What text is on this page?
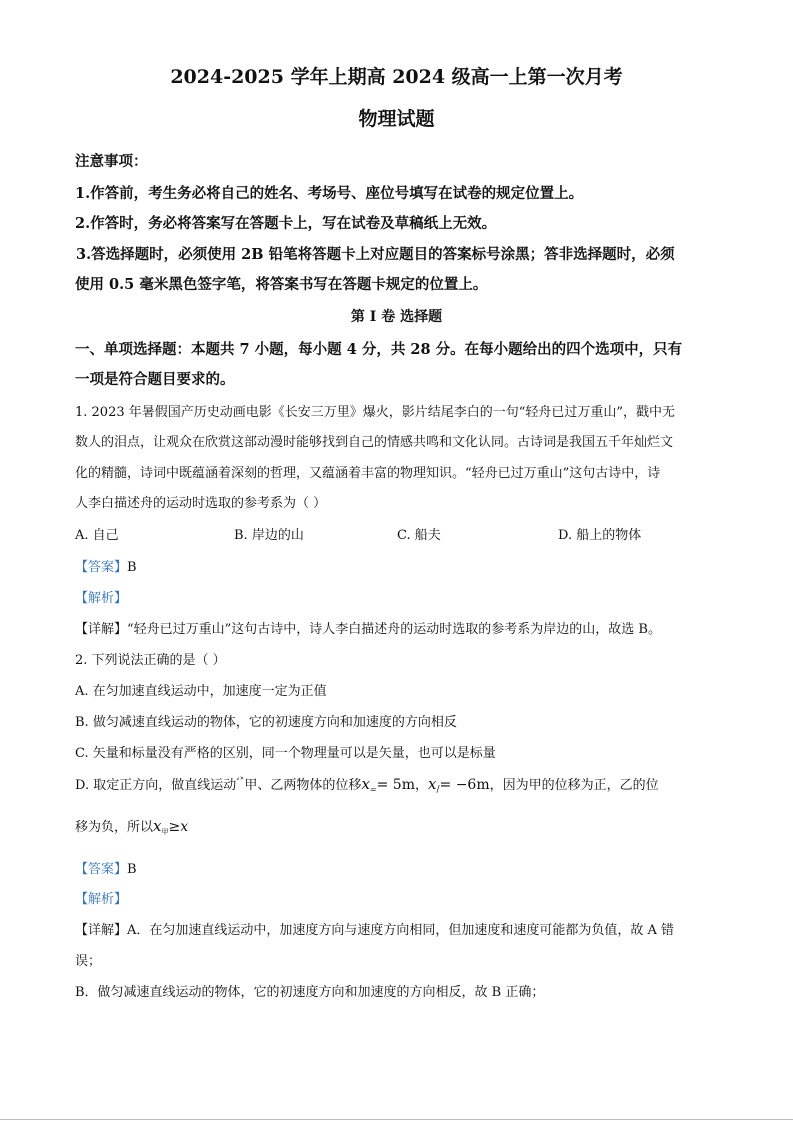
2024-2025 学年上期高 2024 级高一上第一次月考
物理试题
注意事项：
1.作答前，考生务必将自己的姓名、考场号、座位号填写在试卷的规定位置上。
2.作答时，务必将答案写在答题卡上，写在试卷及草稿纸上无效。
3.答选择题时，必须使用 2B 铅笔将答题卡上对应题目的答案标号涂黑；答非选择题时，必须
使用 0.5 毫米黑色签字笔，将答案书写在答题卡规定的位置上。
第 I 卷 选择题
一、单项选择题：本题共 7 小题，每小题 4 分，共 28 分。在每小题给出的四个选项中，只有
一项是符合题目要求的。
1. 2023 年暑假国产历史动画电影《长安三万里》爆火，影片结尾李白的一句“轻舟已过万重山”，戳中无
数人的泪点，让观众在欣赏这部动漫时能够找到自己的情感共鸣和文化认同。古诗词是我国五千年灿烂文
化的精髓，诗词中既蕴涵着深刻的哲理，又蕴涵着丰富的物理知识。“轻舟已过万重山”这句古诗中，诗
人李白描述舟的运动时选取的参考系为（ ）
A. 自己	B. 岸边的山	C. 船夫	D. 船上的物体
【答案】B
【解析】
【详解】“轻舟已过万重山”这句古诗中，诗人李白描述舟的运动时选取的参考系为岸边的山，故选 B。
2. 下列说法正确的是（ ）
A. 在匀加速直线运动中，加速度一定为正值
B. 做匀减速直线运动的物体，它的初速度方向和加速度的方向相反
C. 矢量和标量没有严格的区别，同一个物理量可以是矢量，也可以是标量
D. 取定正方向，做直线运动$^{ʻ˃}$甲、乙两物体的位移$x_== 5m$，$x_/= -6m$，因为甲的位移为正，乙的位
移为负，所以$x_甲\ge x$
【答案】B
【解析】
【详解】A．在匀加速直线运动中，加速度方向与速度方向相同，但加速度和速度可能都为负值，故 A 错
误；
B．做匀减速直线运动的物体，它的初速度方向和加速度的方向相反，故 B 正确；
